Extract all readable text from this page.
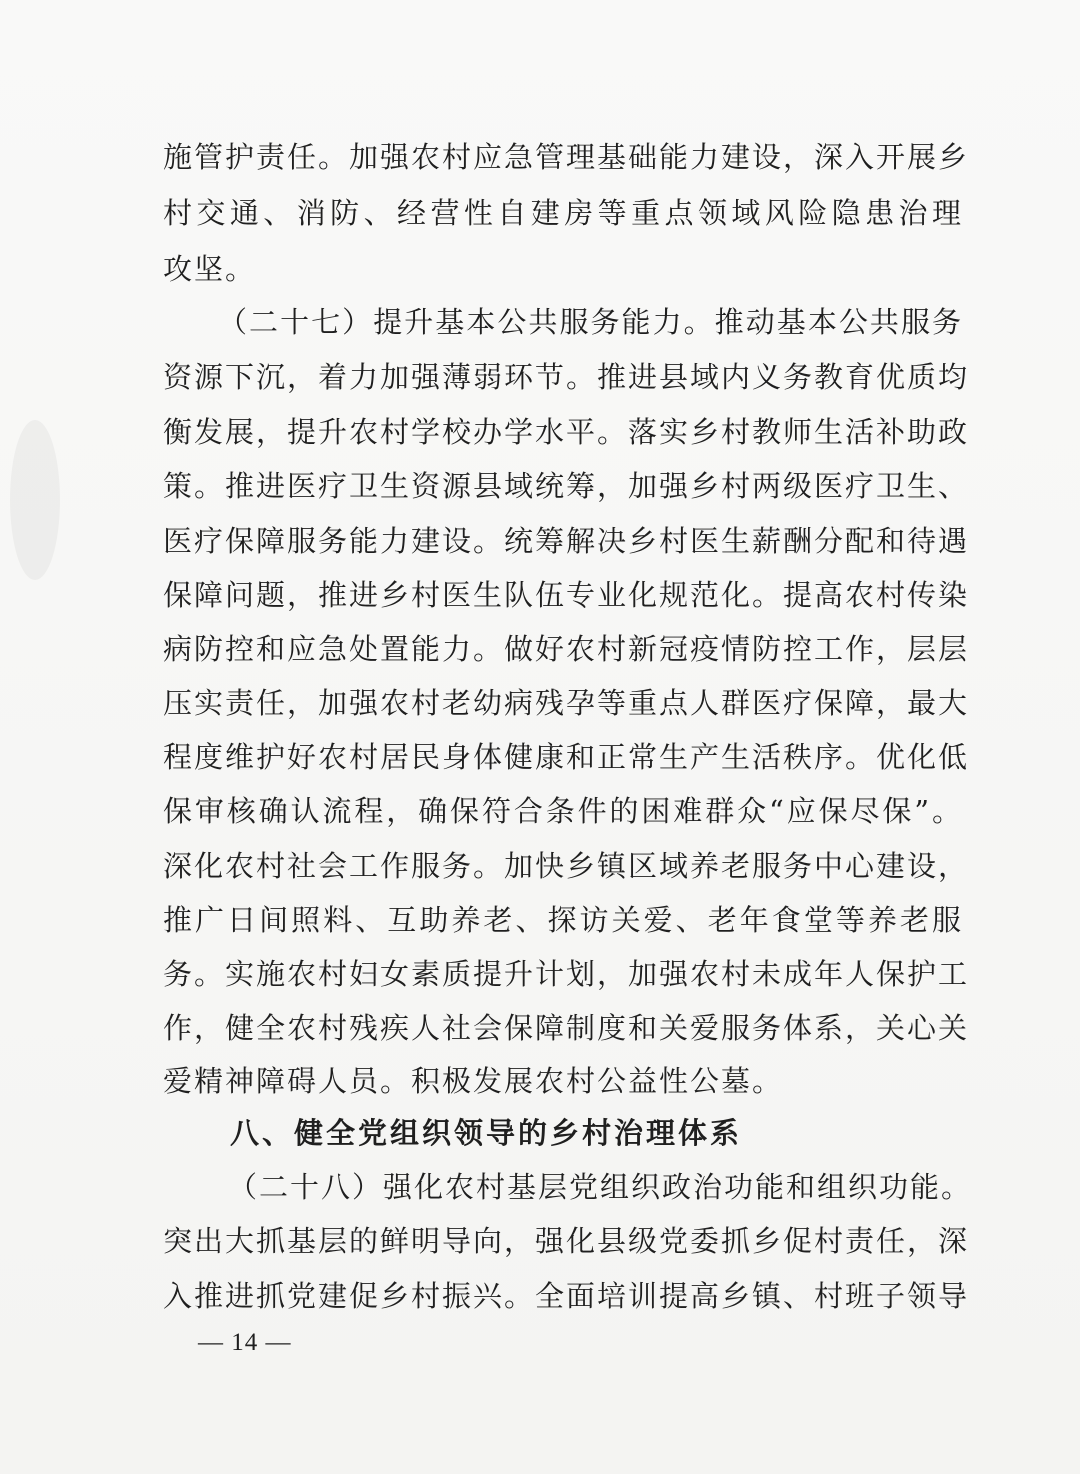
施管护责任。加强农村应急管理基础能力建设，深入开展乡
村交通、消防、经营性自建房等重点领域风险隐患治理
攻坚。
（二十七）提升基本公共服务能力。推动基本公共服务
资源下沉，着力加强薄弱环节。推进县域内义务教育优质均
衡发展，提升农村学校办学水平。落实乡村教师生活补助政
策。推进医疗卫生资源县域统筹，加强乡村两级医疗卫生、
医疗保障服务能力建设。统筹解决乡村医生薪酬分配和待遇
保障问题，推进乡村医生队伍专业化规范化。提高农村传染
病防控和应急处置能力。做好农村新冠疫情防控工作，层层
压实责任，加强农村老幼病残孕等重点人群医疗保障，最大
程度维护好农村居民身体健康和正常生产生活秩序。优化低
保审核确认流程，确保符合条件的困难群众“应保尽保”。
深化农村社会工作服务。加快乡镇区域养老服务中心建设，
推广日间照料、互助养老、探访关爱、老年食堂等养老服
务。实施农村妇女素质提升计划，加强农村未成年人保护工
作，健全农村残疾人社会保障制度和关爱服务体系，关心关
爱精神障碍人员。积极发展农村公益性公墓。
八、健全党组织领导的乡村治理体系
（二十八）强化农村基层党组织政治功能和组织功能。
突出大抓基层的鲜明导向，强化县级党委抓乡促村责任，深
入推进抓党建促乡村振兴。全面培训提高乡镇、村班子领导
— 14 —
